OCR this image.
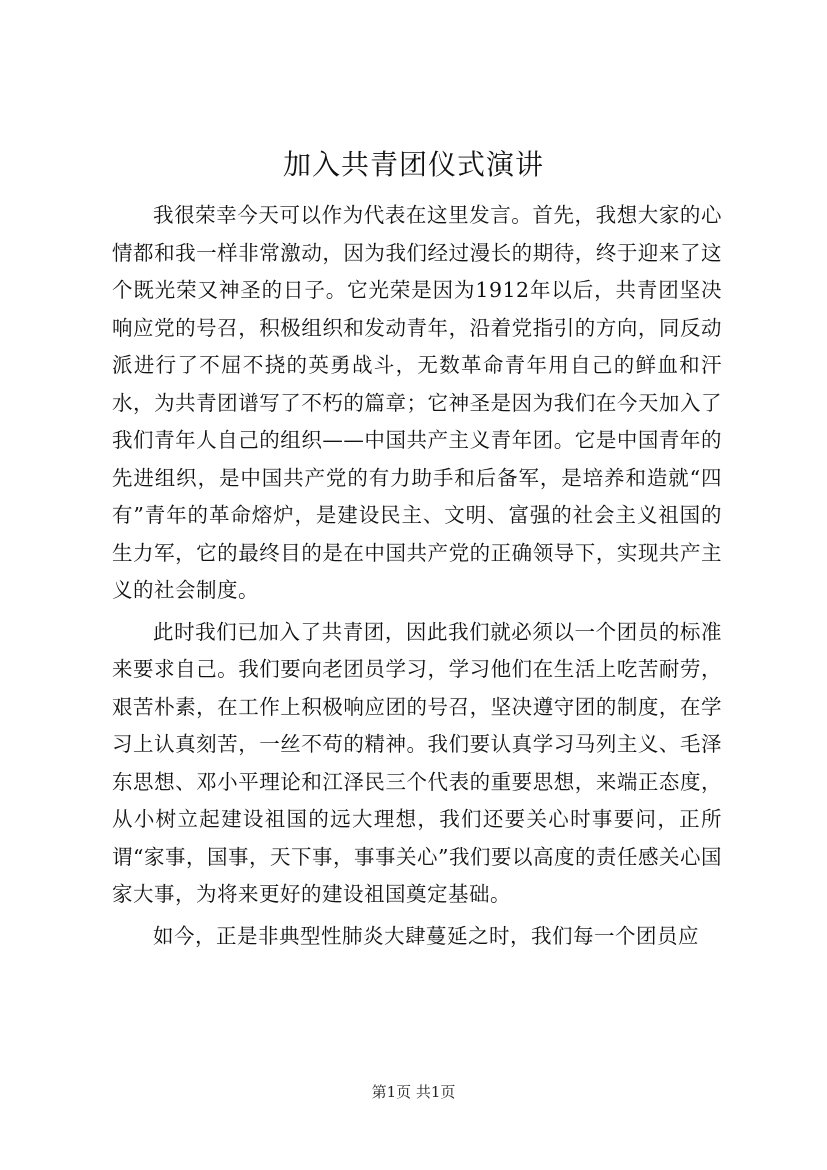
加入共青团仪式演讲

我很荣幸今天可以作为代表在这里发言。首先，我想大家的心情都和我一样非常激动，因为我们经过漫长的期待，终于迎来了这个既光荣又神圣的日子。它光荣是因为1912年以后，共青团坚决响应党的号召，积极组织和发动青年，沿着党指引的方向，同反动派进行了不屈不挠的英勇战斗，无数革命青年用自己的鲜血和汗水，为共青团谱写了不朽的篇章；它神圣是因为我们在今天加入了我们青年人自己的组织——中国共产主义青年团。它是中国青年的先进组织，是中国共产党的有力助手和后备军，是培养和造就“四有”青年的革命熔炉，是建设民主、文明、富强的社会主义祖国的生力军，它的最终目的是在中国共产党的正确领导下，实现共产主义的社会制度。

此时我们已加入了共青团，因此我们就必须以一个团员的标准来要求自己。我们要向老团员学习，学习他们在生活上吃苦耐劳，艰苦朴素，在工作上积极响应团的号召，坚决遵守团的制度，在学习上认真刻苦，一丝不苟的精神。我们要认真学习马列主义、毛泽东思想、邓小平理论和江泽民三个代表的重要思想，来端正态度，从小树立起建设祖国的远大理想，我们还要关心时事要问，正所谓“家事，国事，天下事，事事关心”我们要以高度的责任感关心国家大事，为将来更好的建设祖国奠定基础。

如今，正是非典型性肺炎大肆蔓延之时，我们每一个团员应

第1页 共1页
